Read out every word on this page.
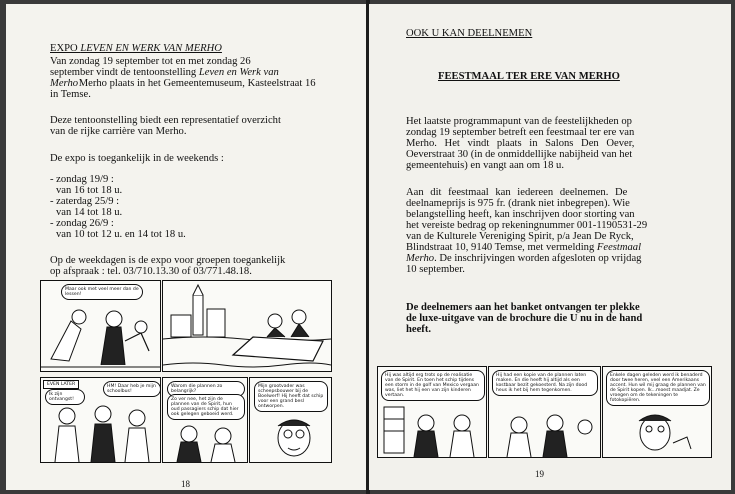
EXPO LEVEN EN WERK VAN MERHO
Van zondag 19 september tot en met zondag 26
september vindt de tentoonstelling Leven en Werk van
Merho Merho plaats in het Gemeentemuseum, Kasteelstraat 16
in Temse.
Deze tentoonstelling biedt een representatief overzicht
van de rijke carrière van Merho.
De expo is toegankelijk in de weekends :
- zondag 19/9 :
van 16 tot 18 u.
- zaterdag 25/9 :
van 14 tot 18 u.
- zondag 26/9 :
van 10 tot 12 u. en 14 tot 18 u.
Op de weekdagen is de expo voor groepen toegankelijk
op afspraak : tel. 03/710.13.30 of 03/771.48.18.
Maar ook met veel meer dan de lessen!
EVEN LATER
Ik zijn ontvangst!
HM! Daar heb je mijn schoolbus!
Warom die plannen zo belangrijk?
Zo ver nee, het zijn de plannen van de Spirit, hun oud passagiers schip dat hier ook gelegen geboeid werd.
Mijn grootvader was scheepsbouwer bij de Boelwerf! Hij heeft dat schip voor een grand besl ontworpen.
18
OOK U KAN DEELNEMEN
FEESTMAAL TER ERE VAN MERHO
Het laatste programmapunt van de feestelijkheden op
zondag 19 september betreft een feestmaal ter ere van
Merho. Het vindt plaats in Salons Den Oever,
Oeverstraat 30 (in de onmiddellijke nabijheid van het
gemeentehuis) en vangt aan om 18 u.
Aan dit feestmaal kan iedereen deelnemen. De
deelnameprijs is 975 fr. (drank niet inbegrepen). Wie
belangstelling heeft, kan inschrijven door storting van
het vereiste bedrag op rekeningnummer 001-1190531-29
van de Kulturele Vereniging Spirit, p/a Jean De Ryck,
Blindstraat 10, 9140 Temse, met vermelding Feestmaal
Merho. De inschrijvingen worden afgesloten op vrijdag
10 september.
De deelnemers aan het banket ontvangen ter plekke
de luxe-uitgave van de brochure die U nu in de hand
heeft.
Hij was altijd erg trots op de realisatie van de Spirit. En toen het schip tijdens een storm in de golf van Mexico vergaan was, liet het hij een van zijn kinderen vertaan.
Hij had een kopie van de plannen laten maken. En die heeft hij altijd als een kostbaar bezit gekoesterd. Na zijn dood heus ik het bij hem tegenkomen.
Enkele dagen geleden werd ik benaderd door twee heren, veel een Amerikaans accent. Hun wil mij graag de plannen van de Spirit kopen. Ik...moest maadjat. Ze vroegen om de tekeningen te fotokopiëren.
19
